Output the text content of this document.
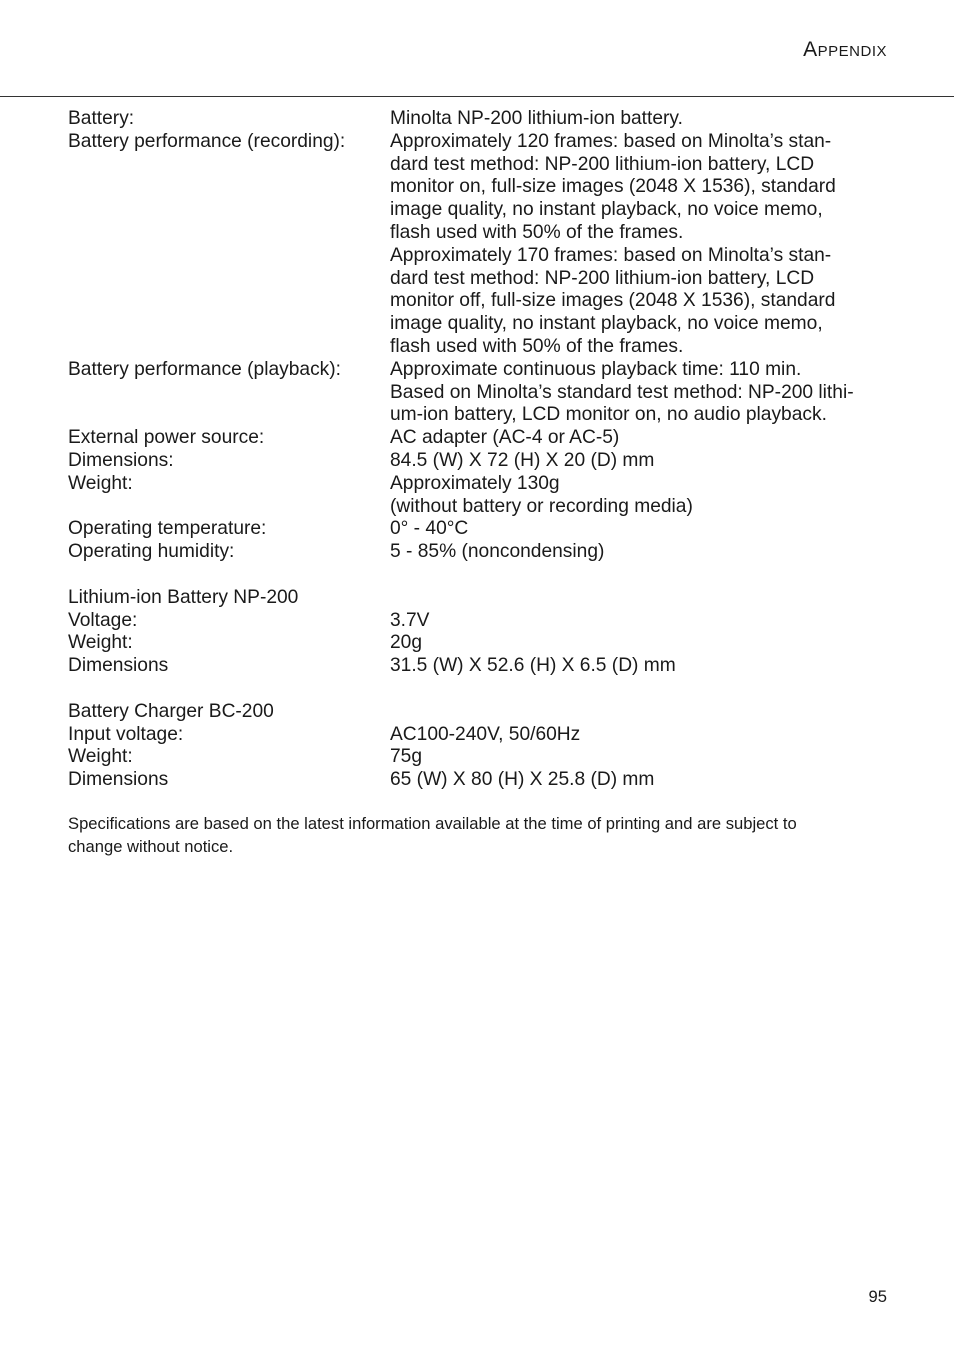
Appendix
Battery:	Minolta NP-200 lithium-ion battery.
Battery performance (recording):	Approximately 120 frames: based on Minolta’s stan-
dard test method: NP-200 lithium-ion battery, LCD
monitor on, full-size images (2048 X 1536), standard
image quality, no instant playback, no voice memo,
flash used with 50% of the frames.
Approximately 170 frames: based on Minolta’s stan-
dard test method: NP-200 lithium-ion battery, LCD
monitor off, full-size images (2048 X 1536), standard
image quality, no instant playback, no voice memo,
flash used with 50% of the frames.
Battery performance (playback):	Approximate continuous playback time: 110 min.
Based on Minolta’s standard test method: NP-200 lithi-
um-ion battery, LCD monitor on, no audio playback.
External power source:	AC adapter (AC-4 or AC-5)
Dimensions:	84.5 (W) X 72 (H) X 20 (D) mm
Weight:	Approximately 130g
(without battery or recording media)
Operating temperature:	0° - 40°C
Operating humidity:	5 - 85% (noncondensing)
Lithium-ion Battery NP-200
Voltage:	3.7V
Weight:	20g
Dimensions	31.5 (W) X 52.6 (H) X 6.5 (D) mm
Battery Charger BC-200
Input voltage:	AC100-240V, 50/60Hz
Weight:	75g
Dimensions	65 (W) X 80 (H) X 25.8 (D) mm
Specifications are based on the latest information available at the time of printing and are subject to
change without notice.
95
